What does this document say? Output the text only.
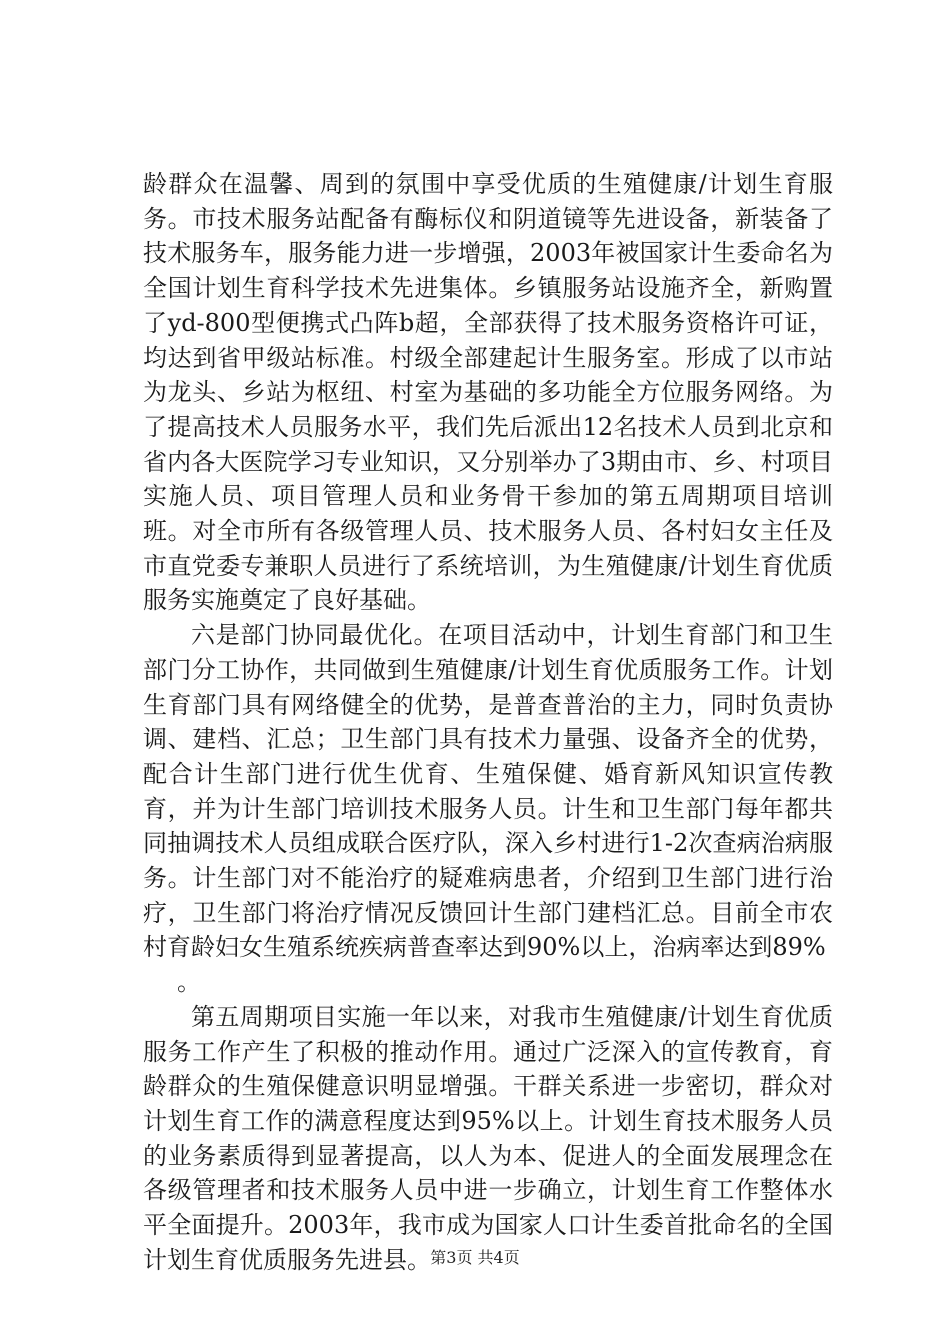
龄群众在温馨、周到的氛围中享受优质的生殖健康/计划生育服务。市技术服务站配备有酶标仪和阴道镜等先进设备，新装备了技术服务车，服务能力进一步增强，2003年被国家计生委命名为全国计划生育科学技术先进集体。乡镇服务站设施齐全，新购置了yd-800型便携式凸阵b超，全部获得了技术服务资格许可证，均达到省甲级站标准。村级全部建起计生服务室。形成了以市站为龙头、乡站为枢纽、村室为基础的多功能全方位服务网络。为了提高技术人员服务水平，我们先后派出12名技术人员到北京和省内各大医院学习专业知识，又分别举办了3期由市、乡、村项目实施人员、项目管理人员和业务骨干参加的第五周期项目培训班。对全市所有各级管理人员、技术服务人员、各村妇女主任及市直党委专兼职人员进行了系统培训，为生殖健康/计划生育优质服务实施奠定了良好基础。

六是部门协同最优化。在项目活动中，计划生育部门和卫生部门分工协作，共同做到生殖健康/计划生育优质服务工作。计划生育部门具有网络健全的优势，是普查普治的主力，同时负责协调、建档、汇总；卫生部门具有技术力量强、设备齐全的优势，配合计生部门进行优生优育、生殖保健、婚育新风知识宣传教育，并为计生部门培训技术服务人员。计生和卫生部门每年都共同抽调技术人员组成联合医疗队，深入乡村进行1-2次查病治病服务。计生部门对不能治疗的疑难病患者，介绍到卫生部门进行治疗，卫生部门将治疗情况反馈回计生部门建档汇总。目前全市农村育龄妇女生殖系统疾病普查率达到90%以上，治病率达到89%

。

第五周期项目实施一年以来，对我市生殖健康/计划生育优质服务工作产生了积极的推动作用。通过广泛深入的宣传教育，育龄群众的生殖保健意识明显增强。干群关系进一步密切，群众对计划生育工作的满意程度达到95%以上。计划生育技术服务人员的业务素质得到显著提高，以人为本、促进人的全面发展理念在各级管理者和技术服务人员中进一步确立，计划生育工作整体水平全面提升。2003年，我市成为国家人口计生委首批命名的全国计划生育优质服务先进县。 第3页 共4页
